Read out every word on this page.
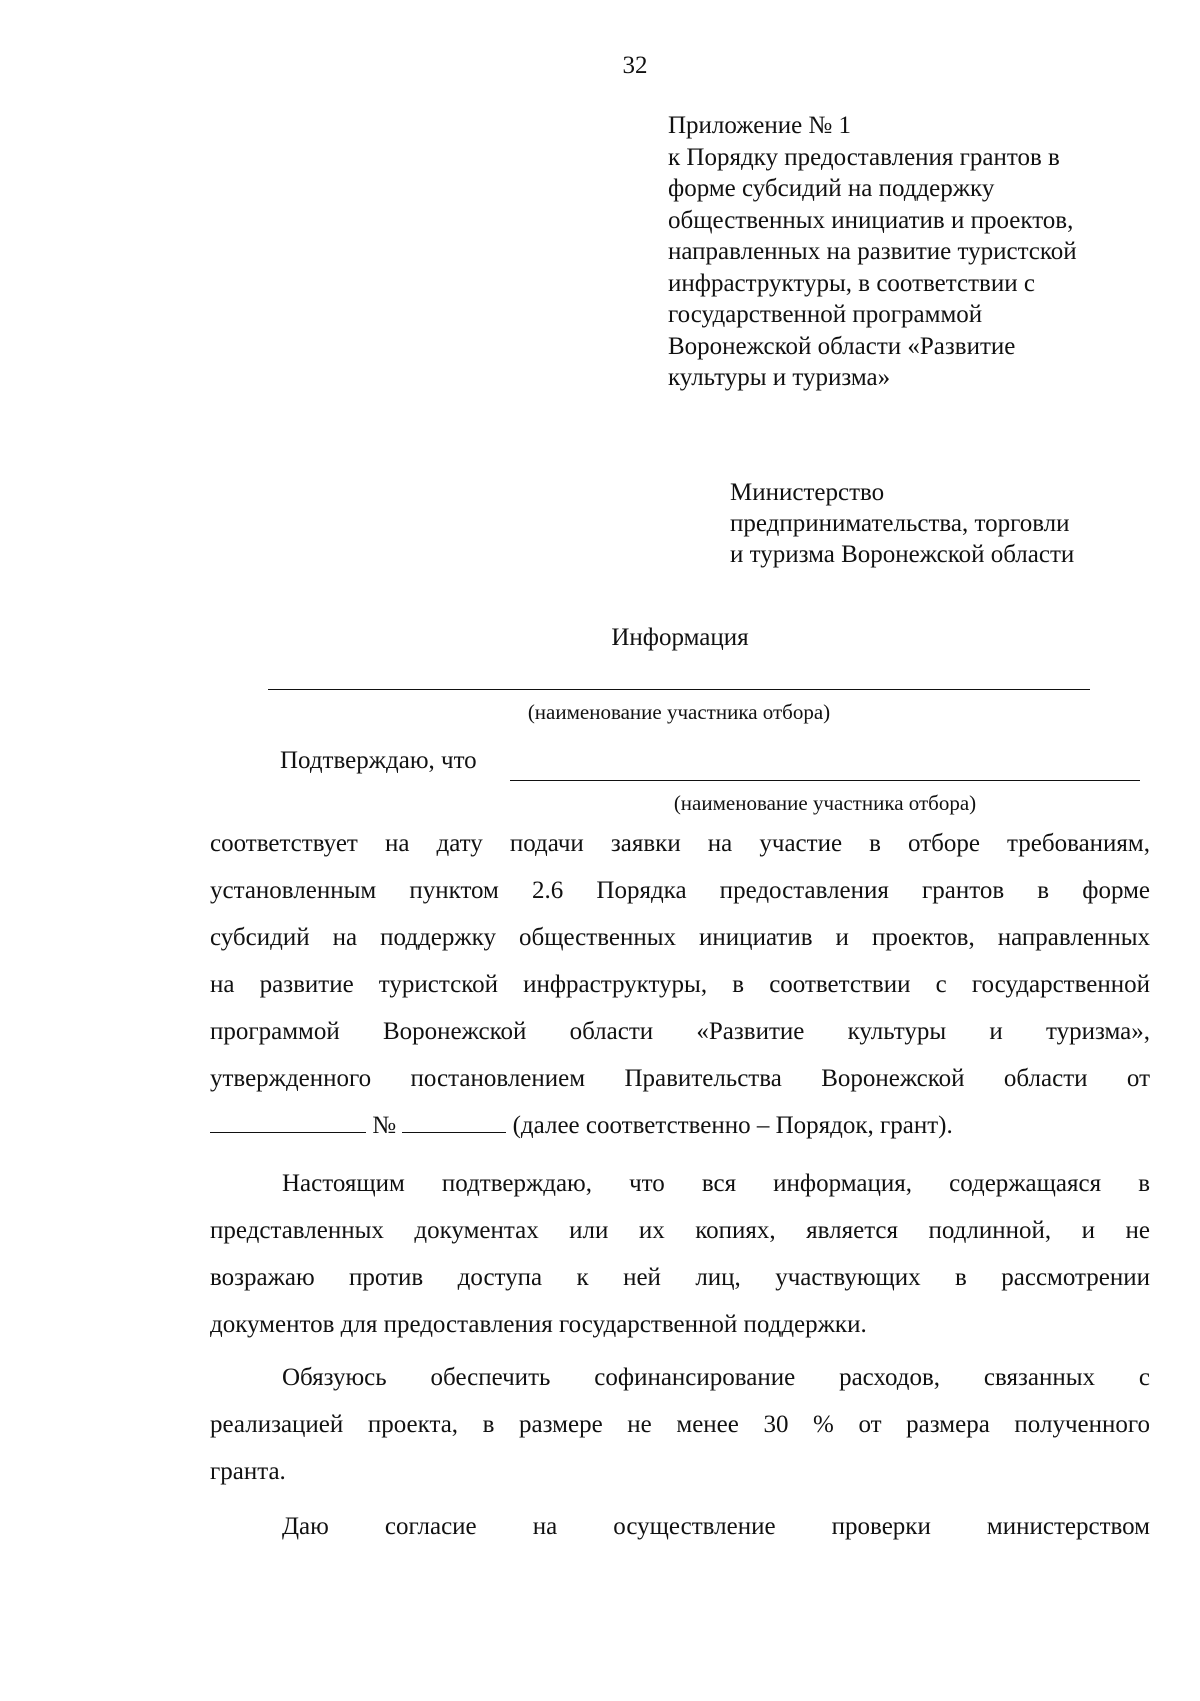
32
Приложение № 1
к Порядку предоставления грантов в
форме субсидий на поддержку
общественных инициатив и проектов,
направленных на развитие туристской
инфраструктуры, в соответствии с
государственной программой
Воронежской области «Развитие
культуры и туризма»
Министерство
предпринимательства, торговли
и туризма Воронежской области
Информация
(наименование участника отбора)
Подтверждаю, что
(наименование участника отбора)
соответствует на дату подачи заявки на участие в отборе требованиям,
установленным пунктом 2.6 Порядка предоставления грантов в форме
субсидий на поддержку общественных инициатив и проектов, направленных
на развитие туристской инфраструктуры, в соответствии с государственной
программой Воронежской области «Развитие культуры и туризма»,
утвержденного постановлением Правительства Воронежской области от
№	(далее соответственно – Порядок, грант).
Настоящим подтверждаю, что вся информация, содержащаяся в
представленных документах или их копиях, является подлинной, и не
возражаю против доступа к ней лиц, участвующих в рассмотрении
документов для предоставления государственной поддержки.
Обязуюсь обеспечить софинансирование расходов, связанных с
реализацией проекта, в размере не менее 30 % от размера полученного
гранта.
Даю согласие на осуществление проверки министерством
